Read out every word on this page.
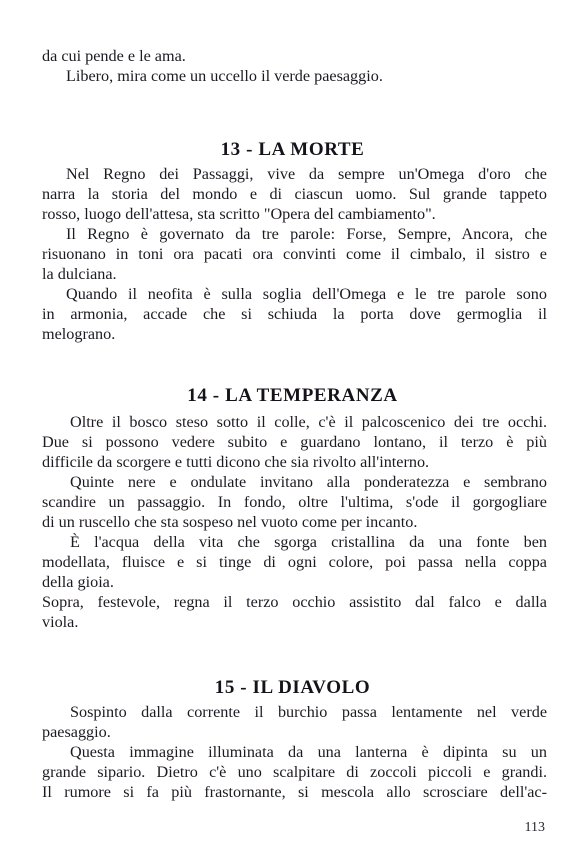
da cui pende e le ama.
Libero, mira come un uccello il verde paesaggio.
13 - LA MORTE
Nel Regno dei Passaggi, vive da sempre un'Omega d'oro che
narra la storia del mondo e di ciascun uomo. Sul grande tappeto
rosso, luogo dell'attesa, sta scritto "Opera del cambiamento".
Il Regno è governato da tre parole: Forse, Sempre, Ancora, che
risuonano in toni ora pacati ora convinti come il cimbalo, il sistro e
la dulciana.
Quando il neofita è sulla soglia dell'Omega e le tre parole sono
in armonia, accade che si schiuda la porta dove germoglia il
melograno.
14 - LA TEMPERANZA
Oltre il bosco steso sotto il colle, c'è il palcoscenico dei tre occhi.
Due si possono vedere subito e guardano lontano, il terzo è più
difficile da scorgere e tutti dicono che sia rivolto all'interno.
Quinte nere e ondulate invitano alla ponderatezza e sembrano
scandire un passaggio. In fondo, oltre l'ultima, s'ode il gorgogliare
di un ruscello che sta sospeso nel vuoto come per incanto.
È l'acqua della vita che sgorga cristallina da una fonte ben
modellata, fluisce e si tinge di ogni colore, poi passa nella coppa
della gioia.
Sopra, festevole, regna il terzo occhio assistito dal falco e dalla
viola.
15 - IL DIAVOLO
Sospinto dalla corrente il burchio passa lentamente nel verde
paesaggio.
Questa immagine illuminata da una lanterna è dipinta su un
grande sipario. Dietro c'è uno scalpitare di zoccoli piccoli e grandi.
Il rumore si fa più frastornante, si mescola allo scrosciare dell'ac-
113
